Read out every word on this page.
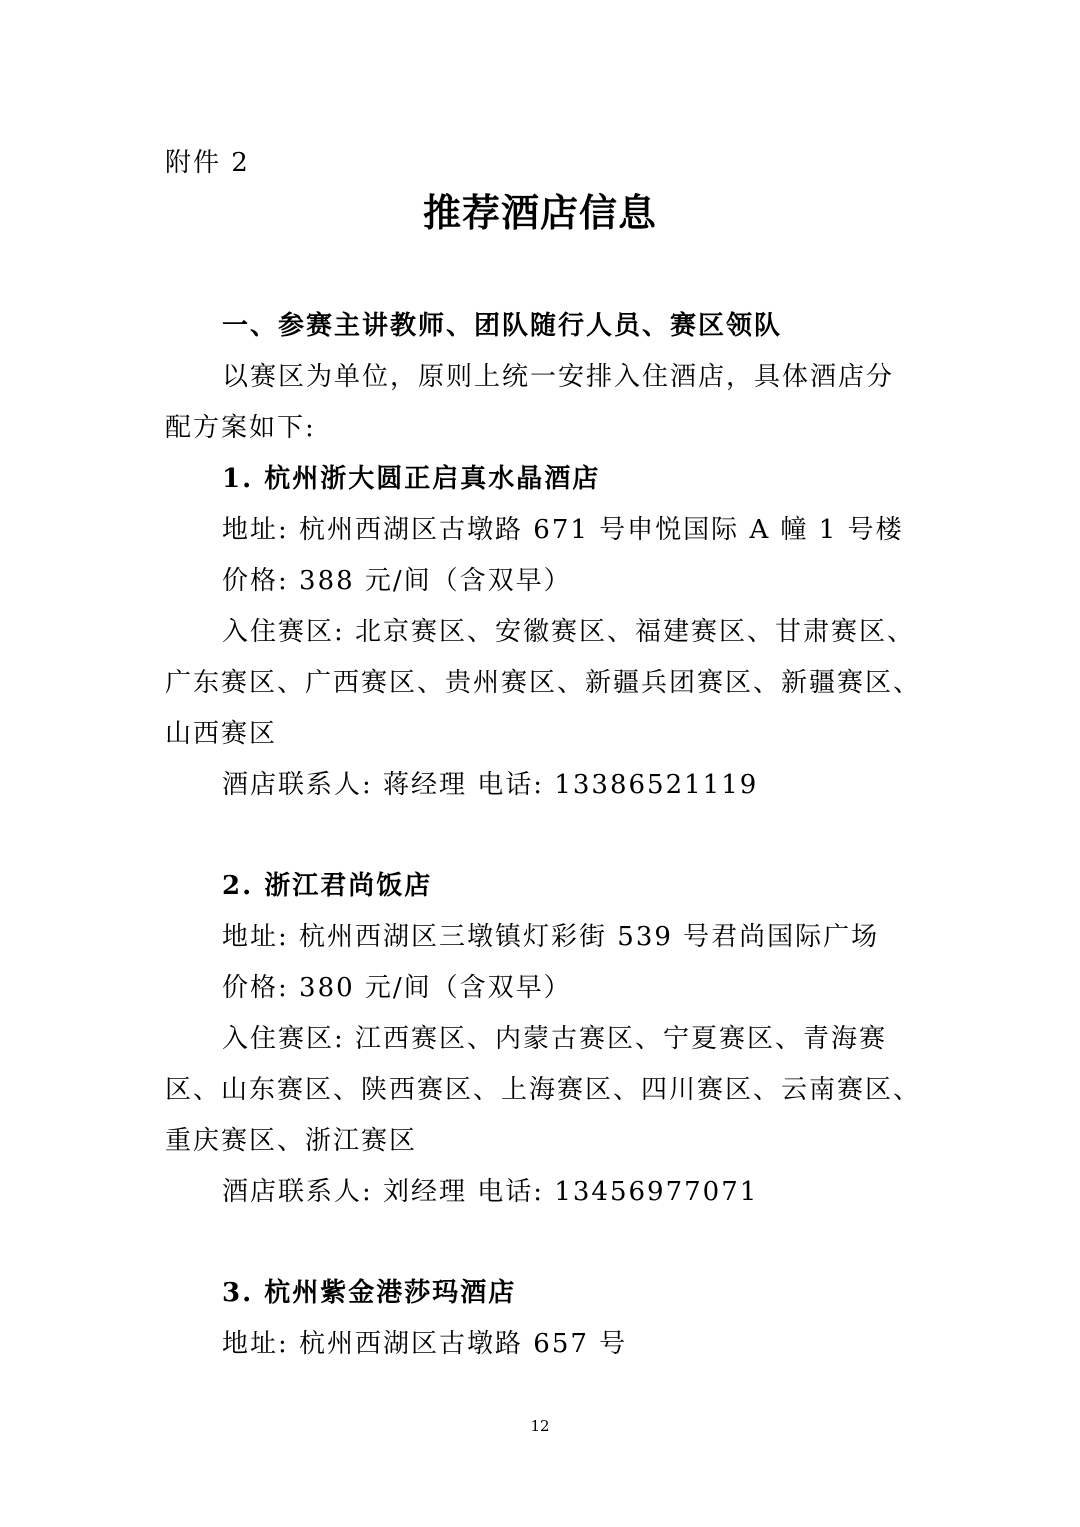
附件 2
推荐酒店信息
一、参赛主讲教师、团队随行人员、赛区领队
以赛区为单位，原则上统一安排入住酒店，具体酒店分
配方案如下:
1. 杭州浙大圆正启真水晶酒店
地址: 杭州西湖区古墩路 671 号申悦国际 A 幢 1 号楼
价格: 388 元/间（含双早）
入住赛区: 北京赛区、安徽赛区、福建赛区、甘肃赛区、
广东赛区、广西赛区、贵州赛区、新疆兵团赛区、新疆赛区、
山西赛区
酒店联系人: 蒋经理 电话: 13386521119
2. 浙江君尚饭店
地址: 杭州西湖区三墩镇灯彩街 539 号君尚国际广场
价格: 380 元/间（含双早）
入住赛区: 江西赛区、内蒙古赛区、宁夏赛区、青海赛
区、山东赛区、陕西赛区、上海赛区、四川赛区、云南赛区、
重庆赛区、浙江赛区
酒店联系人: 刘经理 电话: 13456977071
3. 杭州紫金港莎玛酒店
地址: 杭州西湖区古墩路 657 号
12
